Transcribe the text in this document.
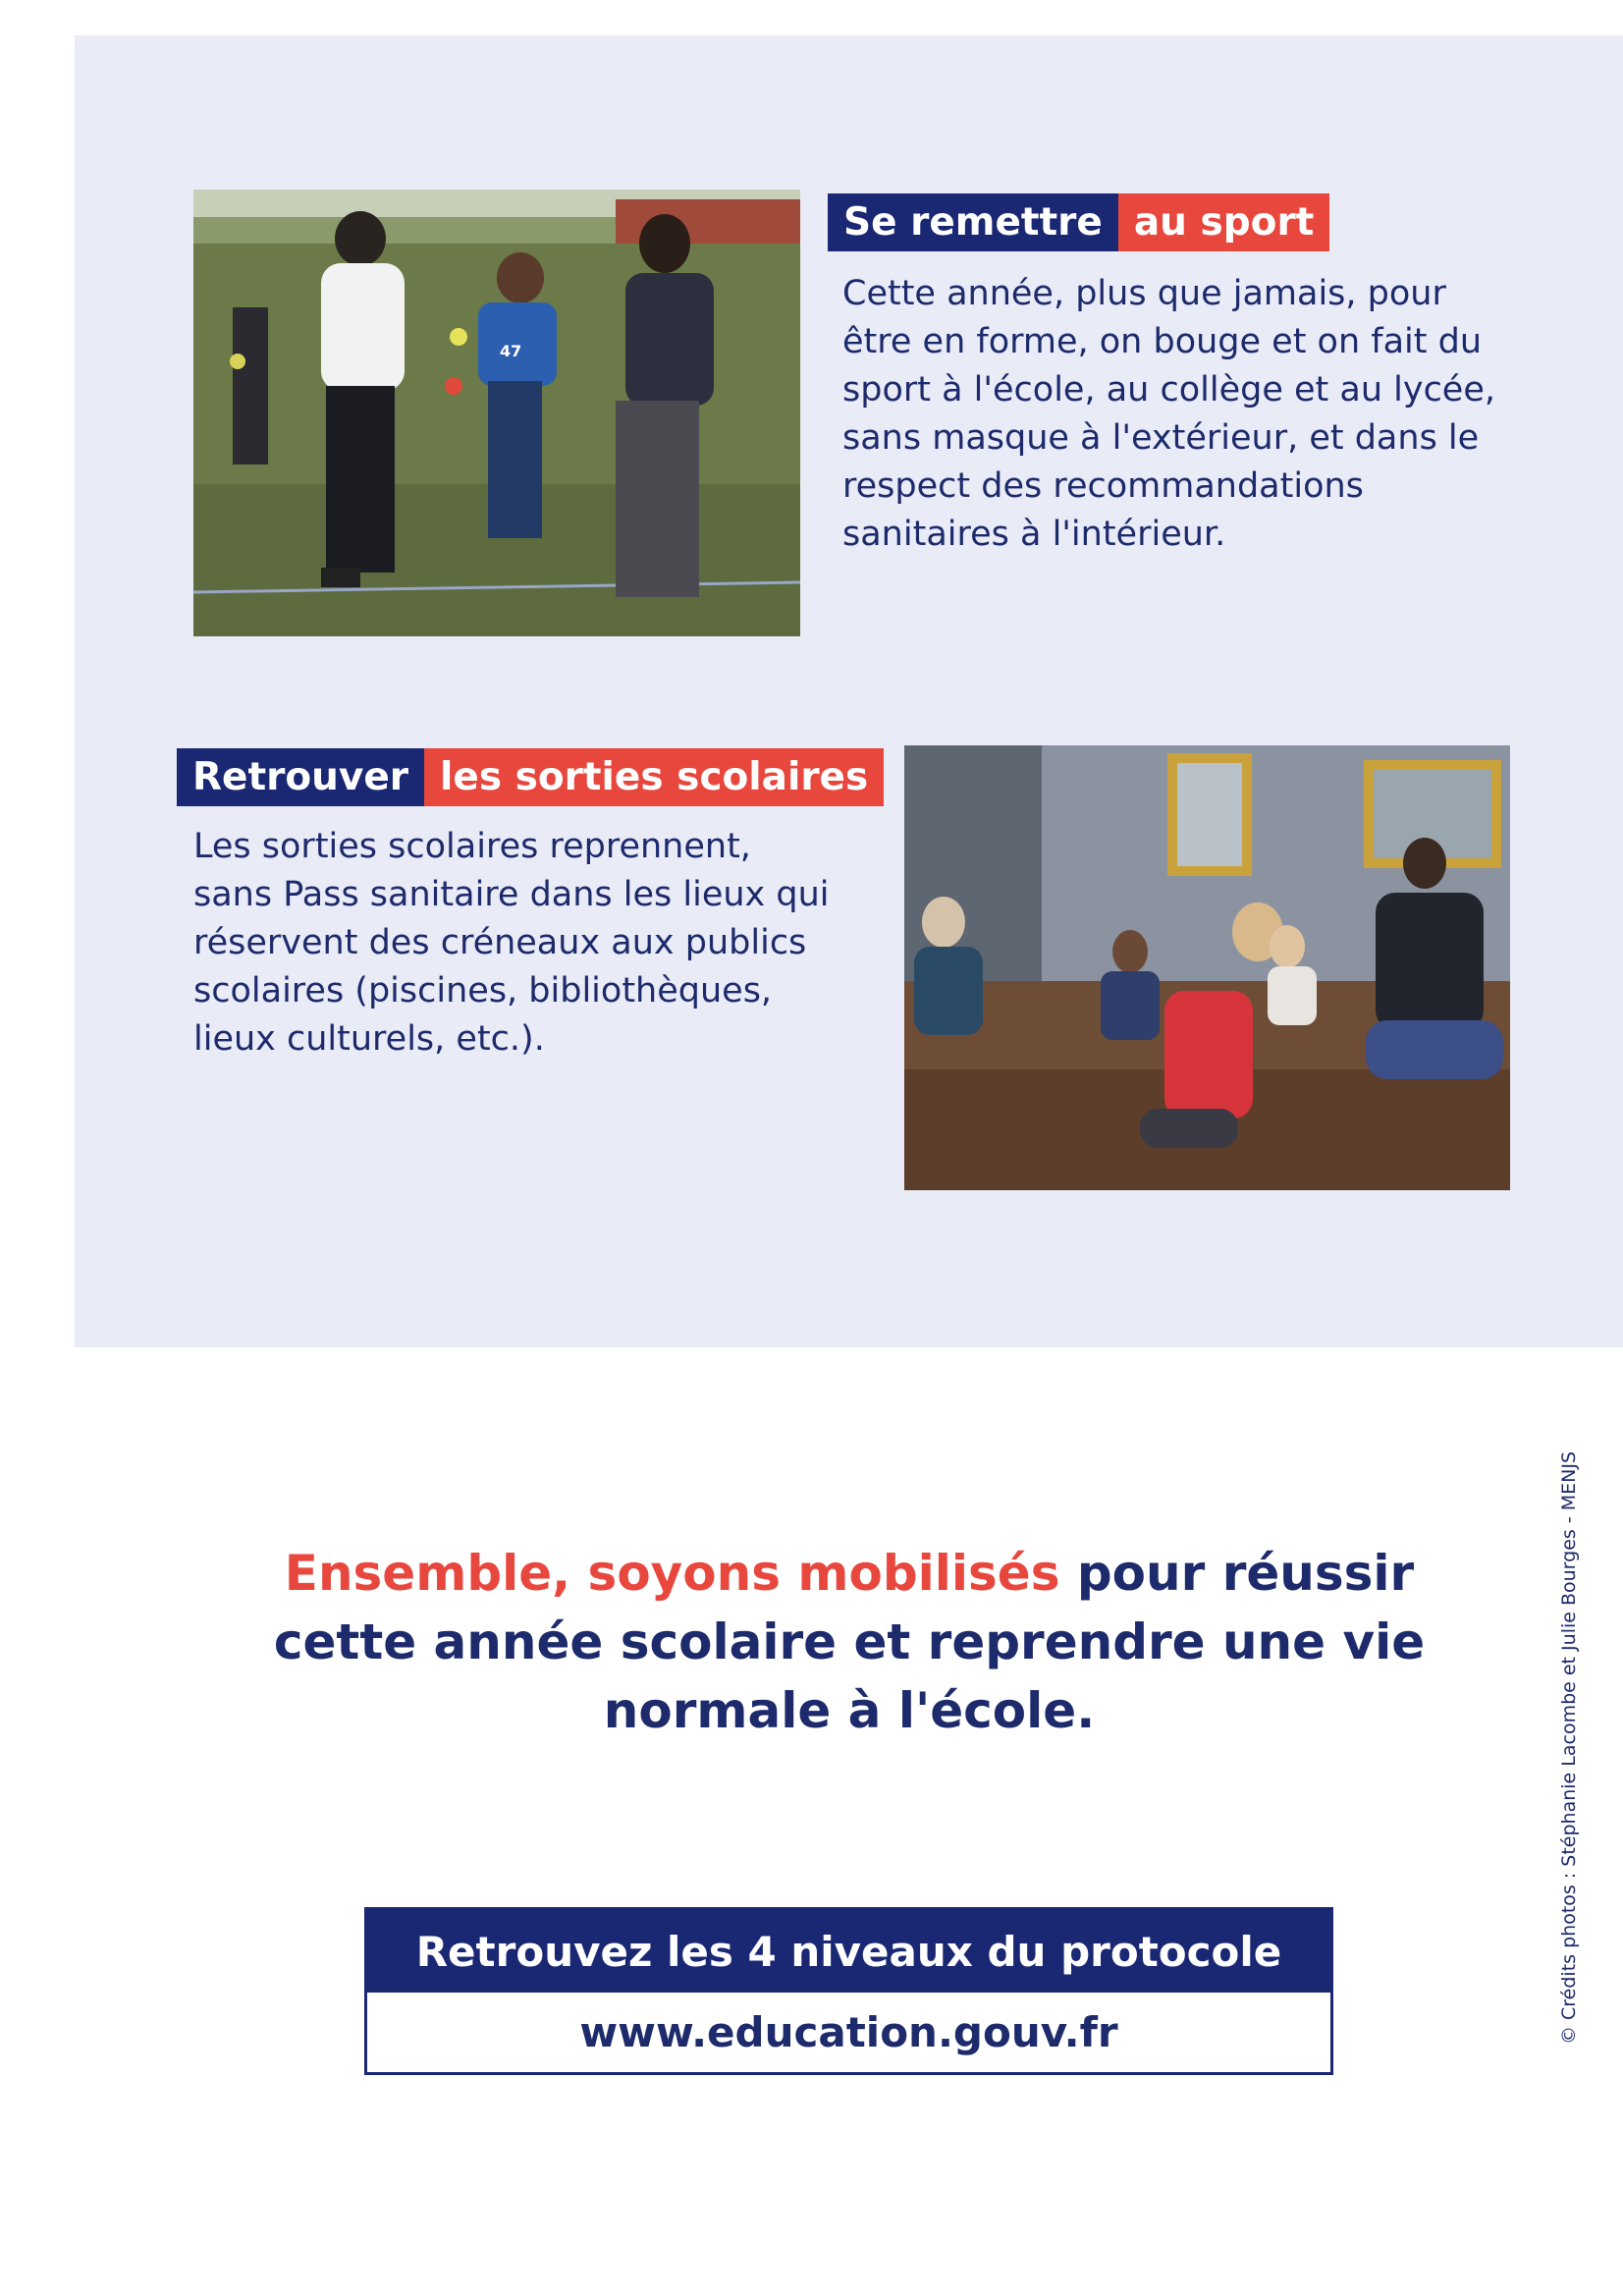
47
Se remettre au sport

Cette année, plus que jamais, pour
être en forme, on bouge et on fait du
sport à l'école, au collège et au lycée,
sans masque à l'extérieur, et dans le
respect des recommandations
sanitaires à l'intérieur.

Retrouver les sorties scolaires

Les sorties scolaires reprennent,
sans Pass sanitaire dans les lieux qui
réservent des créneaux aux publics
scolaires (piscines, bibliothèques,
lieux culturels, etc.).

Ensemble, soyons mobilisés pour réussir
cette année scolaire et reprendre une vie
normale à l'école.
Retrouvez les 4 niveaux du protocole
www.education.gouv.fr	© Crédits photos : Stéphanie Lacombe et Julie Bourges - MENJS
